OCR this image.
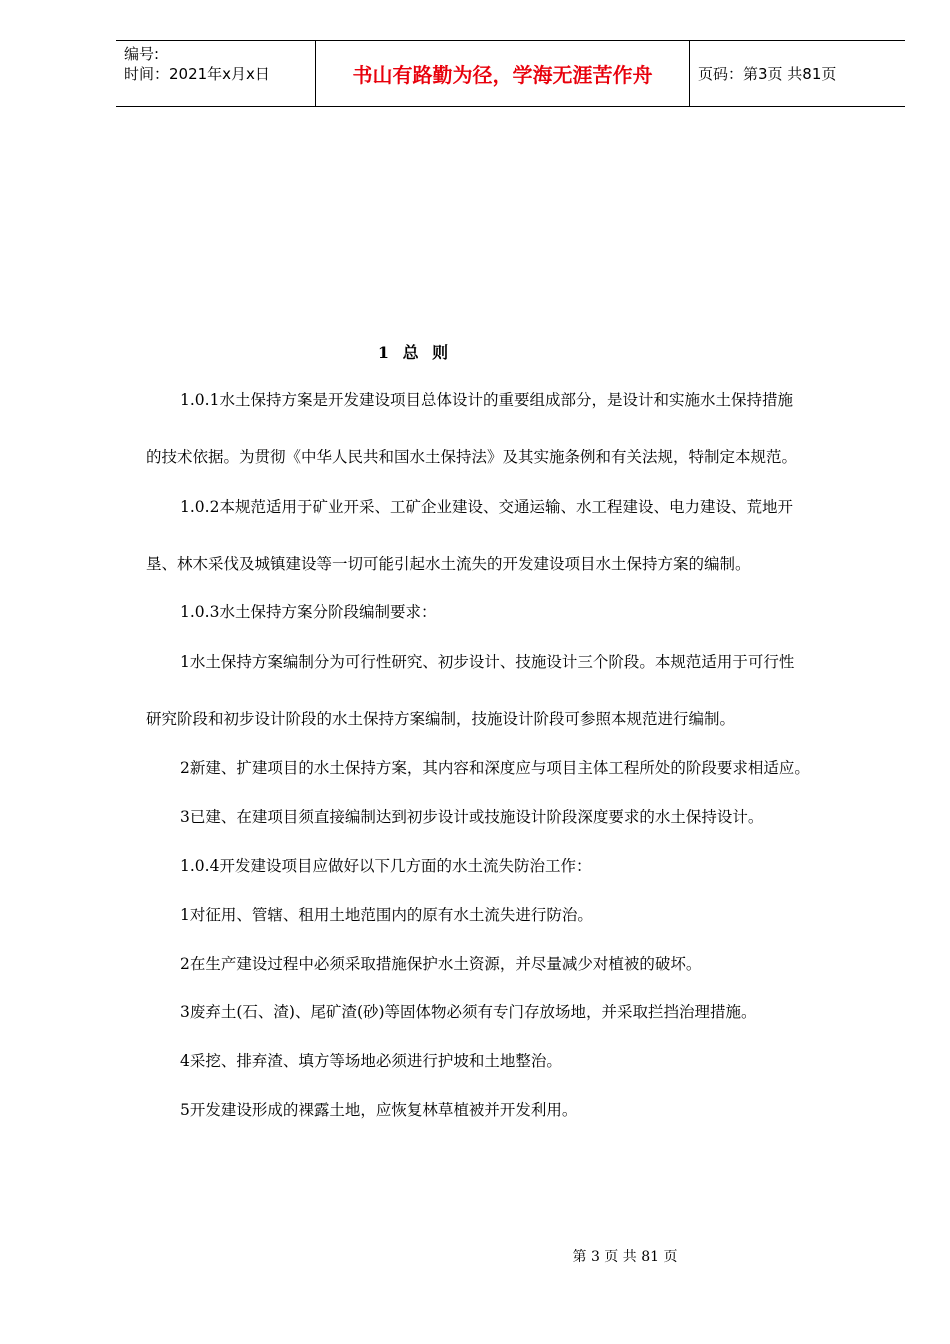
编号:
时间：2021年x月x日	书山有路勤为径，学海无涯苦作舟	页码：第3页 共81页
1 总 则
1.0.1水土保持方案是开发建设项目总体设计的重要组成部分，是设计和实施水土保持措施
的技术依据。为贯彻《中华人民共和国水土保持法》及其实施条例和有关法规，特制定本规范。
1.0.2本规范适用于矿业开采、工矿企业建设、交通运输、水工程建设、电力建设、荒地开
垦、林木采伐及城镇建设等一切可能引起水土流失的开发建设项目水土保持方案的编制。
1.0.3水土保持方案分阶段编制要求：
1水土保持方案编制分为可行性研究、初步设计、技施设计三个阶段。本规范适用于可行性
研究阶段和初步设计阶段的水土保持方案编制，技施设计阶段可参照本规范进行编制。
2新建、扩建项目的水土保持方案，其内容和深度应与项目主体工程所处的阶段要求相适应。
3已建、在建项目须直接编制达到初步设计或技施设计阶段深度要求的水土保持设计。
1.0.4开发建设项目应做好以下几方面的水土流失防治工作：
1对征用、管辖、租用土地范围内的原有水土流失进行防治。
2在生产建设过程中必须采取措施保护水土资源，并尽量减少对植被的破坏。
3废弃土(石、渣)、尾矿渣(砂)等固体物必须有专门存放场地，并采取拦挡治理措施。
4采挖、排弃渣、填方等场地必须进行护坡和土地整治。
5开发建设形成的裸露土地，应恢复林草植被并开发利用。
第 3 页 共 81 页
